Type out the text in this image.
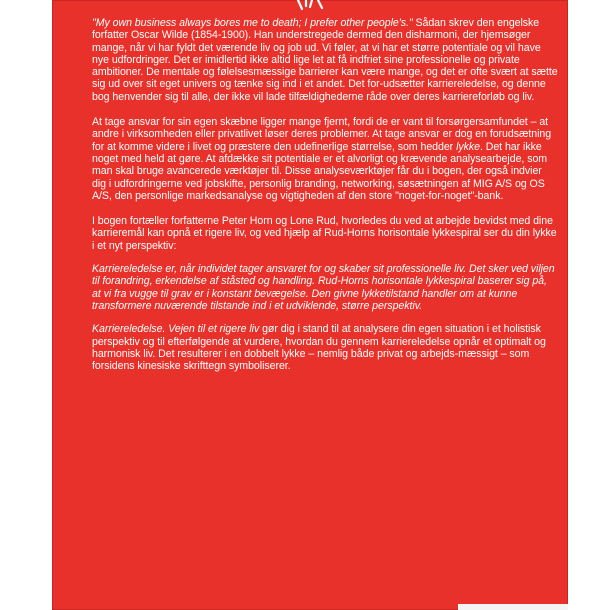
"My own business always bores me to death; I prefer other people's." Sådan skrev den engelske forfatter Oscar Wilde (1854-1900). Han understregede dermed den disharmoni, der hjemsøger mange, når vi har fyldt det værende liv og job ud. Vi føler, at vi har et større potentiale og vil have nye udfordringer. Det er imidlertid ikke altid lige let at få indfriet sine professionelle og private ambitioner. De mentale og følelsesmæssige barrierer kan være mange, og det er ofte svært at sætte sig ud over sit eget univers og tænke sig ind i et andet. Det for-udsætter karriereledelse, og denne bog henvender sig til alle, der ikke vil lade tilfældighederne råde over deres karriereforløb og liv.

At tage ansvar for sin egen skæbne ligger mange fjernt, fordi de er vant til forsørgersamfundet – at andre i virksomheden eller privatlivet løser deres problemer. At tage ansvar er dog en forudsætning for at komme videre i livet og præstere den udefinerlige størrelse, som hedder lykke. Det har ikke noget med held at gøre. At afdække sit potentiale er et alvorligt og krævende analysearbejde, som man skal bruge avancerede værktøjer til. Disse analyseværktøjer får du i bogen, der også indvier dig i udfordringerne ved jobskifte, personlig branding, networking, søsætningen af MIG A/S og OS A/S, den personlige markedsanalyse og vigtigheden af den store "noget-for-noget"-bank.

I bogen fortæller forfatterne Peter Horn og Lone Rud, hvorledes du ved at arbejde bevidst med dine karrieremål kan opnå et rigere liv, og ved hjælp af Rud-Horns horisontale lykkespiral ser du din lykke i et nyt perspektiv:

Karriereledelse er, når individet tager ansvaret for og skaber sit professionelle liv. Det sker ved viljen til forandring, erkendelse af ståsted og handling. Rud-Horns horisontale lykkespiral baserer sig på, at vi fra vugge til grav er i konstant bevægelse. Den givne lykketilstand handler om at kunne transformere nuværende tilstande ind i et udviklende, større perspektiv.

Karriereledelse. Vejen til et rigere liv gør dig i stand til at analysere din egen situation i et holistisk perspektiv og til efterfølgende at vurdere, hvordan du gennem karriereledelse opnår et optimalt og harmonisk liv. Det resulterer i en dobbelt lykke – nemlig både privat og arbejds-mæssigt – som forsidens kinesiske skrifttegn symboliserer.
